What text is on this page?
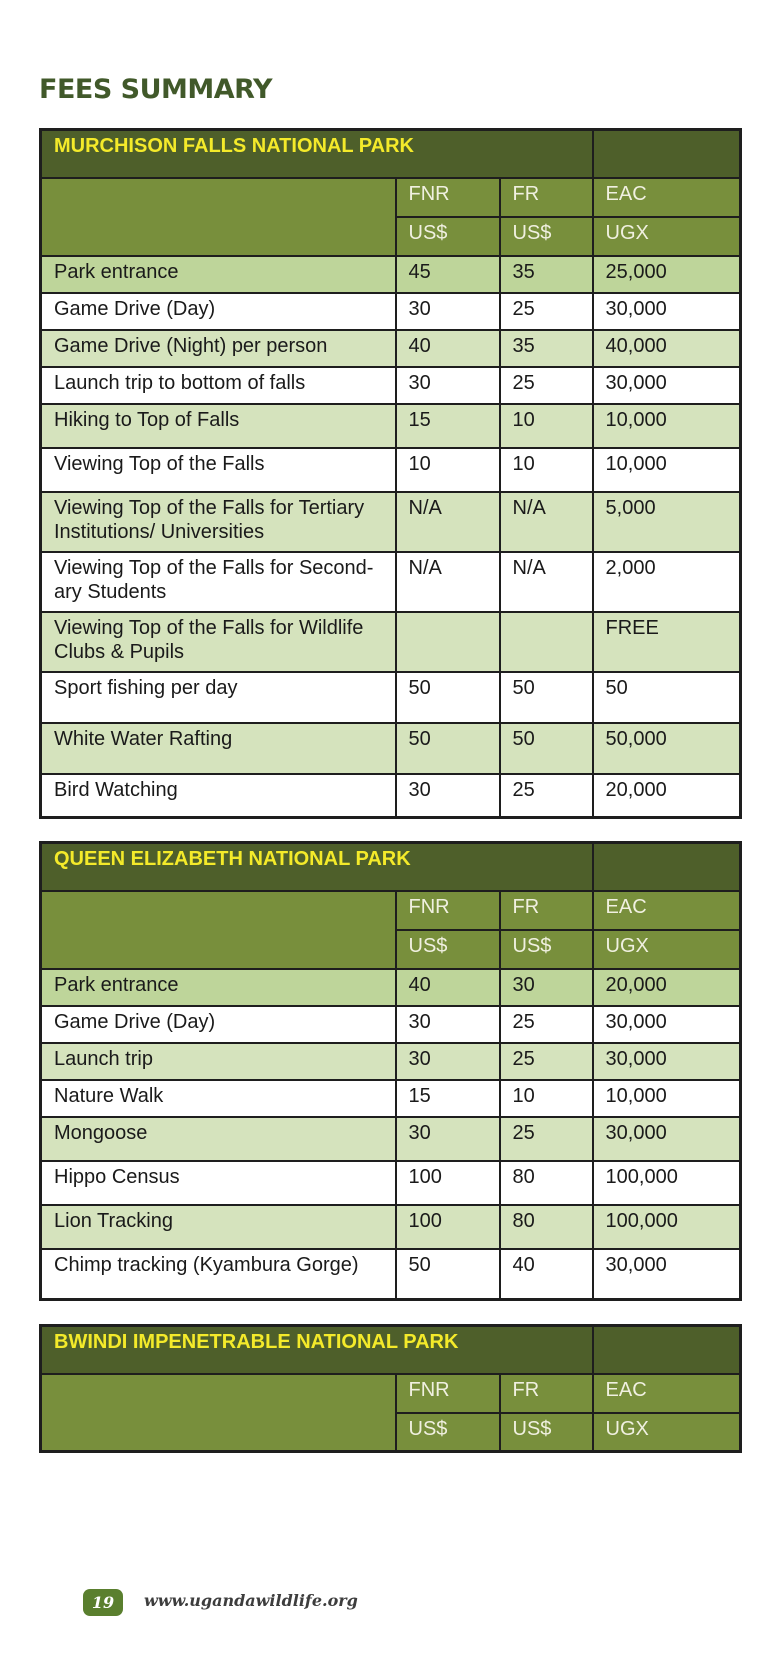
FEES SUMMARY
MURCHISON FALLS NATIONAL PARK			
	FNR	FR	EAC
	US$	US$	UGX
Park entrance	45	35	25,000
Game Drive (Day)	30	25	30,000
Game Drive (Night) per person	40	35	40,000
Launch trip to bottom of falls	30	25	30,000
Hiking to Top of Falls	15	10	10,000
Viewing Top of the Falls	10	10	10,000
Viewing Top of the Falls for Tertiary Institutions/ Universities	N/A	N/A	5,000
Viewing Top of the Falls for Second-ary Students	N/A	N/A	2,000
Viewing Top of the Falls for Wildlife Clubs & Pupils			FREE
Sport fishing per day	50	50	50
White Water Rafting	50	50	50,000
Bird Watching	30	25	20,000
QUEEN ELIZABETH NATIONAL PARK			
	FNR	FR	EAC
	US$	US$	UGX
Park entrance	40	30	20,000
Game Drive (Day)	30	25	30,000
Launch trip	30	25	30,000
Nature Walk	15	10	10,000
Mongoose	30	25	30,000
Hippo Census	100	80	100,000
Lion Tracking	100	80	100,000
Chimp tracking (Kyambura Gorge)	50	40	30,000
BWINDI IMPENETRABLE NATIONAL PARK			
	FNR	FR	EAC
	US$	US$	UGX
19	www.ugandawildlife.org
